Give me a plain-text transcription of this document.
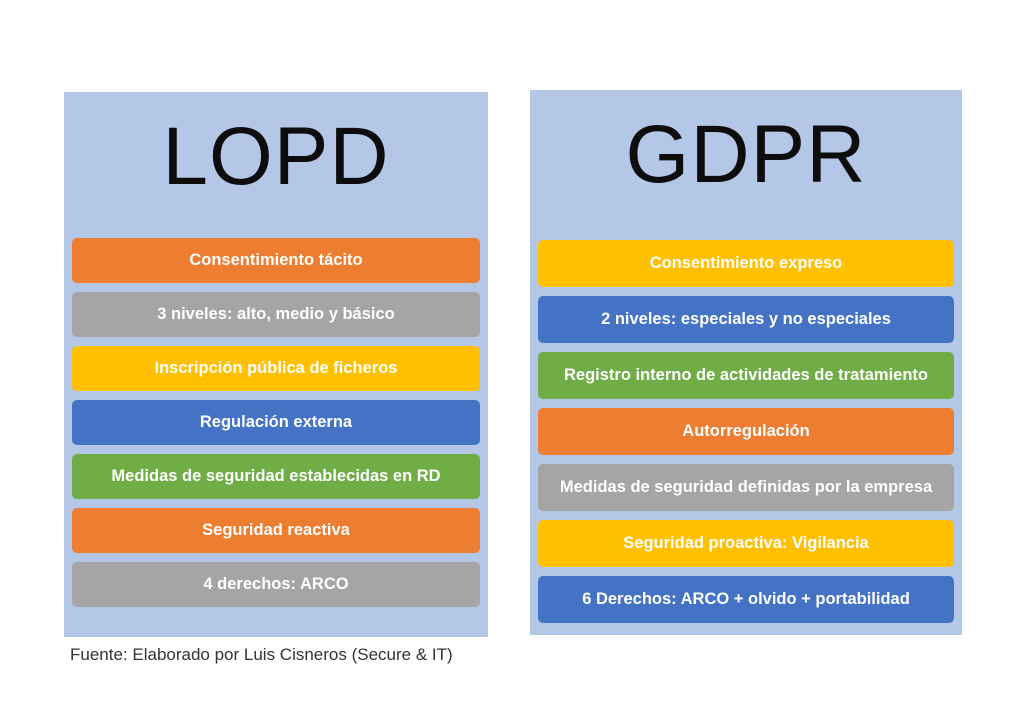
LOPD
Consentimiento tácito
3 niveles: alto, medio y básico
Inscripción pública de ficheros
Regulación externa
Medidas de seguridad establecidas en RD
Seguridad reactiva
4 derechos: ARCO
GDPR
Consentimiento expreso
2 niveles: especiales y no especiales
Registro interno de actividades de tratamiento
Autorregulación
Medidas de seguridad definidas por la empresa
Seguridad proactiva: Vigilancia
6 Derechos: ARCO + olvido + portabilidad
Fuente: Elaborado por Luis Cisneros (Secure & IT)
